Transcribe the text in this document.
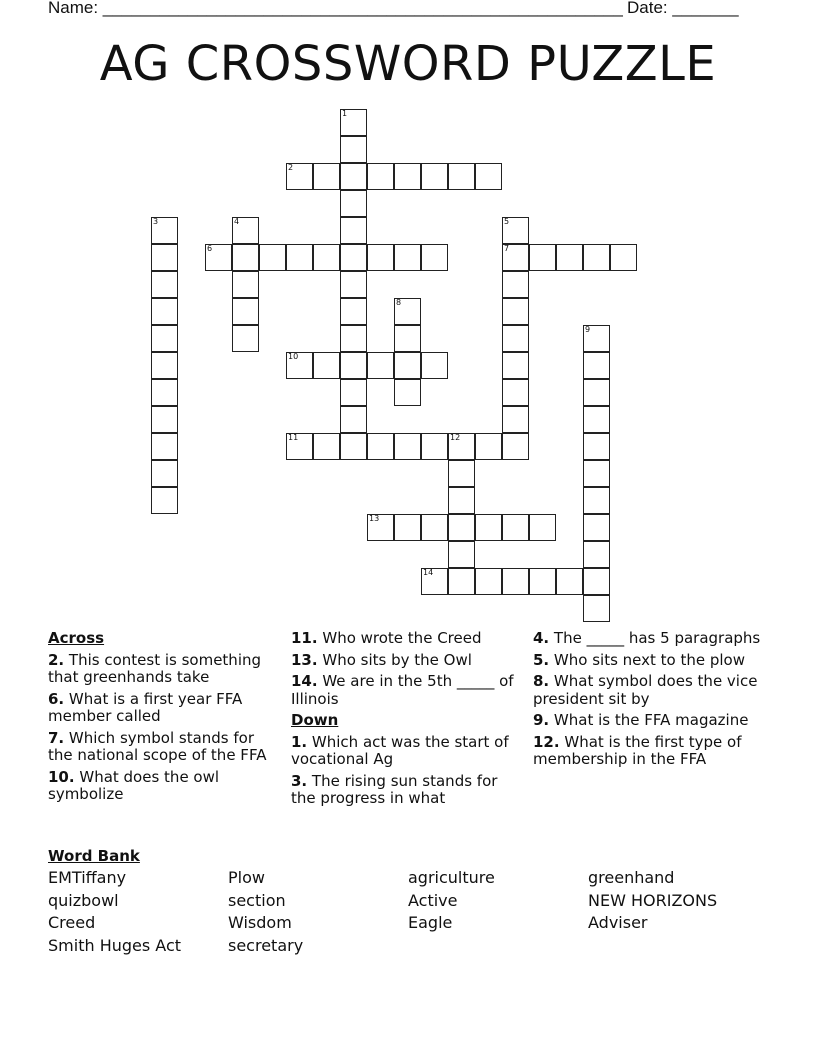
Name: _______________________________________________________ Date: _______
AG CROSSWORD PUZZLE
1
2
3	4	5
7
6
8
9
10
11	12
13
14
Across
2. This contest is something that greenhands take
6. What is a first year FFA member called
7. Which symbol stands for the national scope of the FFA
10. What does the owl symbolize
11. Who wrote the Creed
13. Who sits by the Owl
14. We are in the 5th _____ of Illinois
Down
1. Which act was the start of vocational Ag
3. The rising sun stands for the progress in what
4. The _____ has 5 paragraphs
5. Who sits next to the plow
8. What symbol does the vice president sit by
9. What is the FFA magazine
12. What is the first type of membership in the FFA
Word Bank
EMTiffany	Plow	agriculture	greenhand
quizbowl	section	Active	NEW HORIZONS
Creed	Wisdom	Eagle	Adviser
Smith Huges Act	secretary
